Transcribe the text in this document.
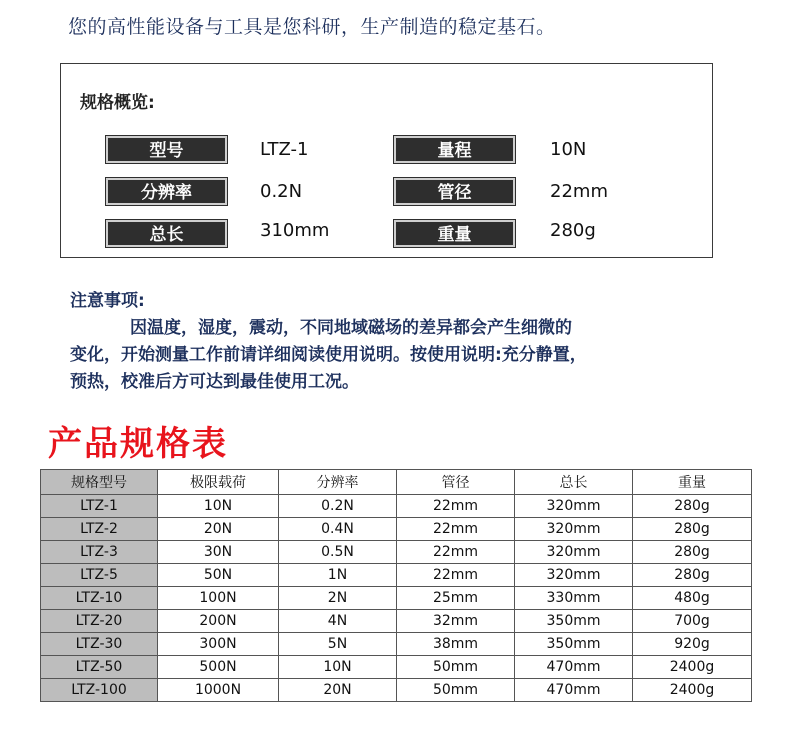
您的高性能设备与工具是您科研，生产制造的稳定基石。
规格概览:
型号	LTZ-1	量程	10N
分辨率	0.2N	管径	22mm
总长	310mm	重量	280g
注意事项:
因温度，湿度，震动，不同地域磁场的差异都会产生细微的
变化，开始测量工作前请详细阅读使用说明。按使用说明:充分静置，
预热，校准后方可达到最佳使用工况。
产品规格表
规格型号	极限载荷	分辨率	管径	总长	重量
LTZ-1	10N	0.2N	22mm	320mm	280g
LTZ-2	20N	0.4N	22mm	320mm	280g
LTZ-3	30N	0.5N	22mm	320mm	280g
LTZ-5	50N	1N	22mm	320mm	280g
LTZ-10	100N	2N	25mm	330mm	480g
LTZ-20	200N	4N	32mm	350mm	700g
LTZ-30	300N	5N	38mm	350mm	920g
LTZ-50	500N	10N	50mm	470mm	2400g
LTZ-100	1000N	20N	50mm	470mm	2400g
